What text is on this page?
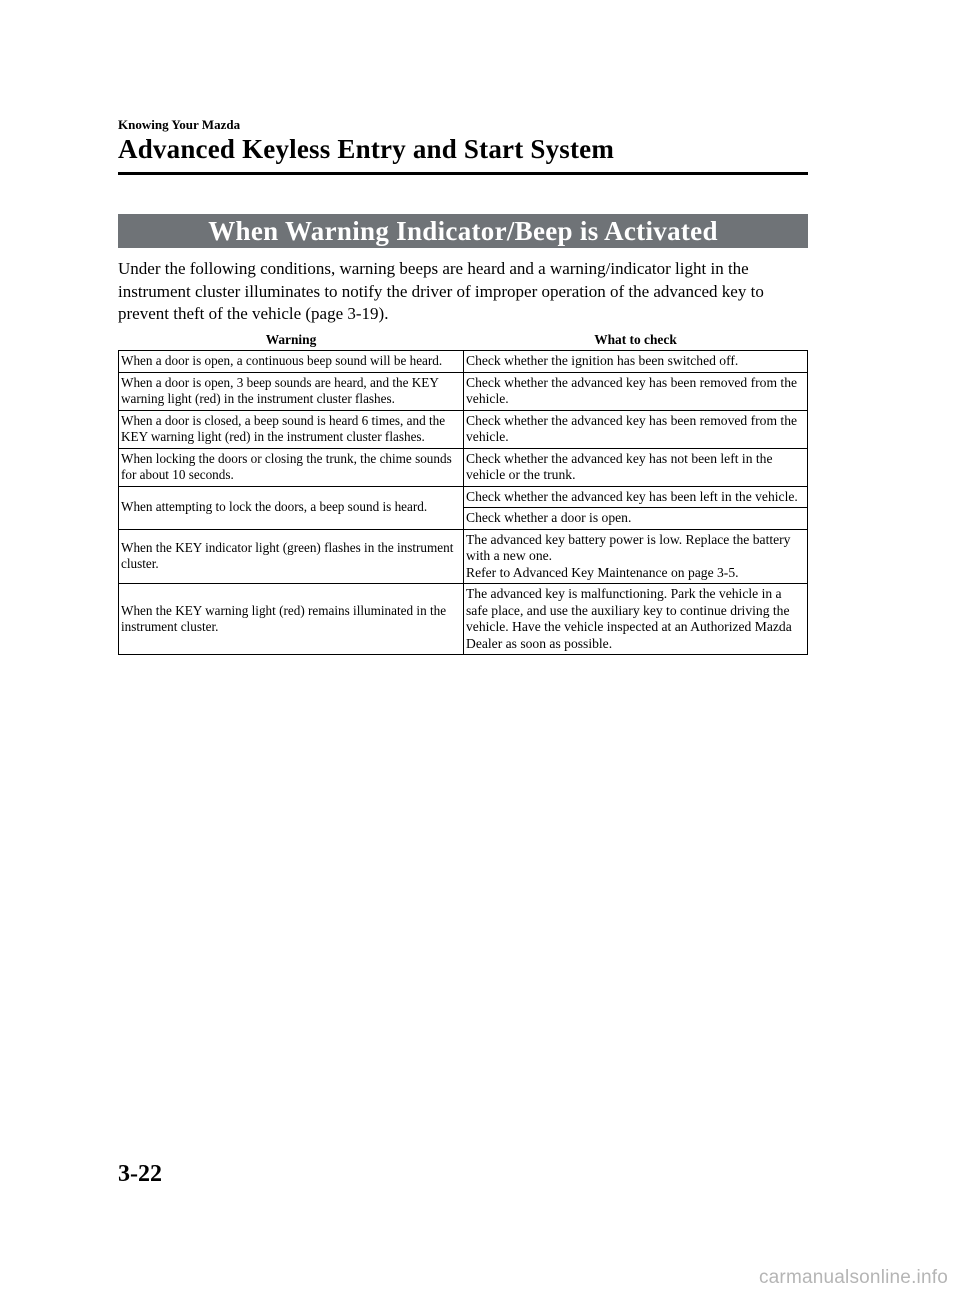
Knowing Your Mazda
Advanced Keyless Entry and Start System
When Warning Indicator/Beep is Activated

Under the following conditions, warning beeps are heard and a warning/indicator light in the instrument cluster illuminates to notify the driver of improper operation of the advanced key to prevent theft of the vehicle (page 3-19).

Warning	What to check
When a door is open, a continuous beep sound will be heard.	Check whether the ignition has been switched off.
When a door is open, 3 beep sounds are heard, and the KEY warning light (red) in the instrument cluster flashes.	Check whether the advanced key has been removed from the vehicle.
When a door is closed, a beep sound is heard 6 times, and the KEY warning light (red) in the instrument cluster flashes.	Check whether the advanced key has been removed from the vehicle.
When locking the doors or closing the trunk, the chime sounds for about 10 seconds.	Check whether the advanced key has not been left in the vehicle or the trunk.
When attempting to lock the doors, a beep sound is heard.	Check whether the advanced key has been left in the vehicle.
	Check whether a door is open.
When the KEY indicator light (green) flashes in the instrument cluster.	The advanced key battery power is low. Replace the battery with a new one.
Refer to Advanced Key Maintenance on page 3-5.
When the KEY warning light (red) remains illuminated in the instrument cluster.	The advanced key is malfunctioning. Park the vehicle in a safe place, and use the auxiliary key to continue driving the vehicle. Have the vehicle inspected at an Authorized Mazda Dealer as soon as possible.
3-22
carmanualsonline.info
